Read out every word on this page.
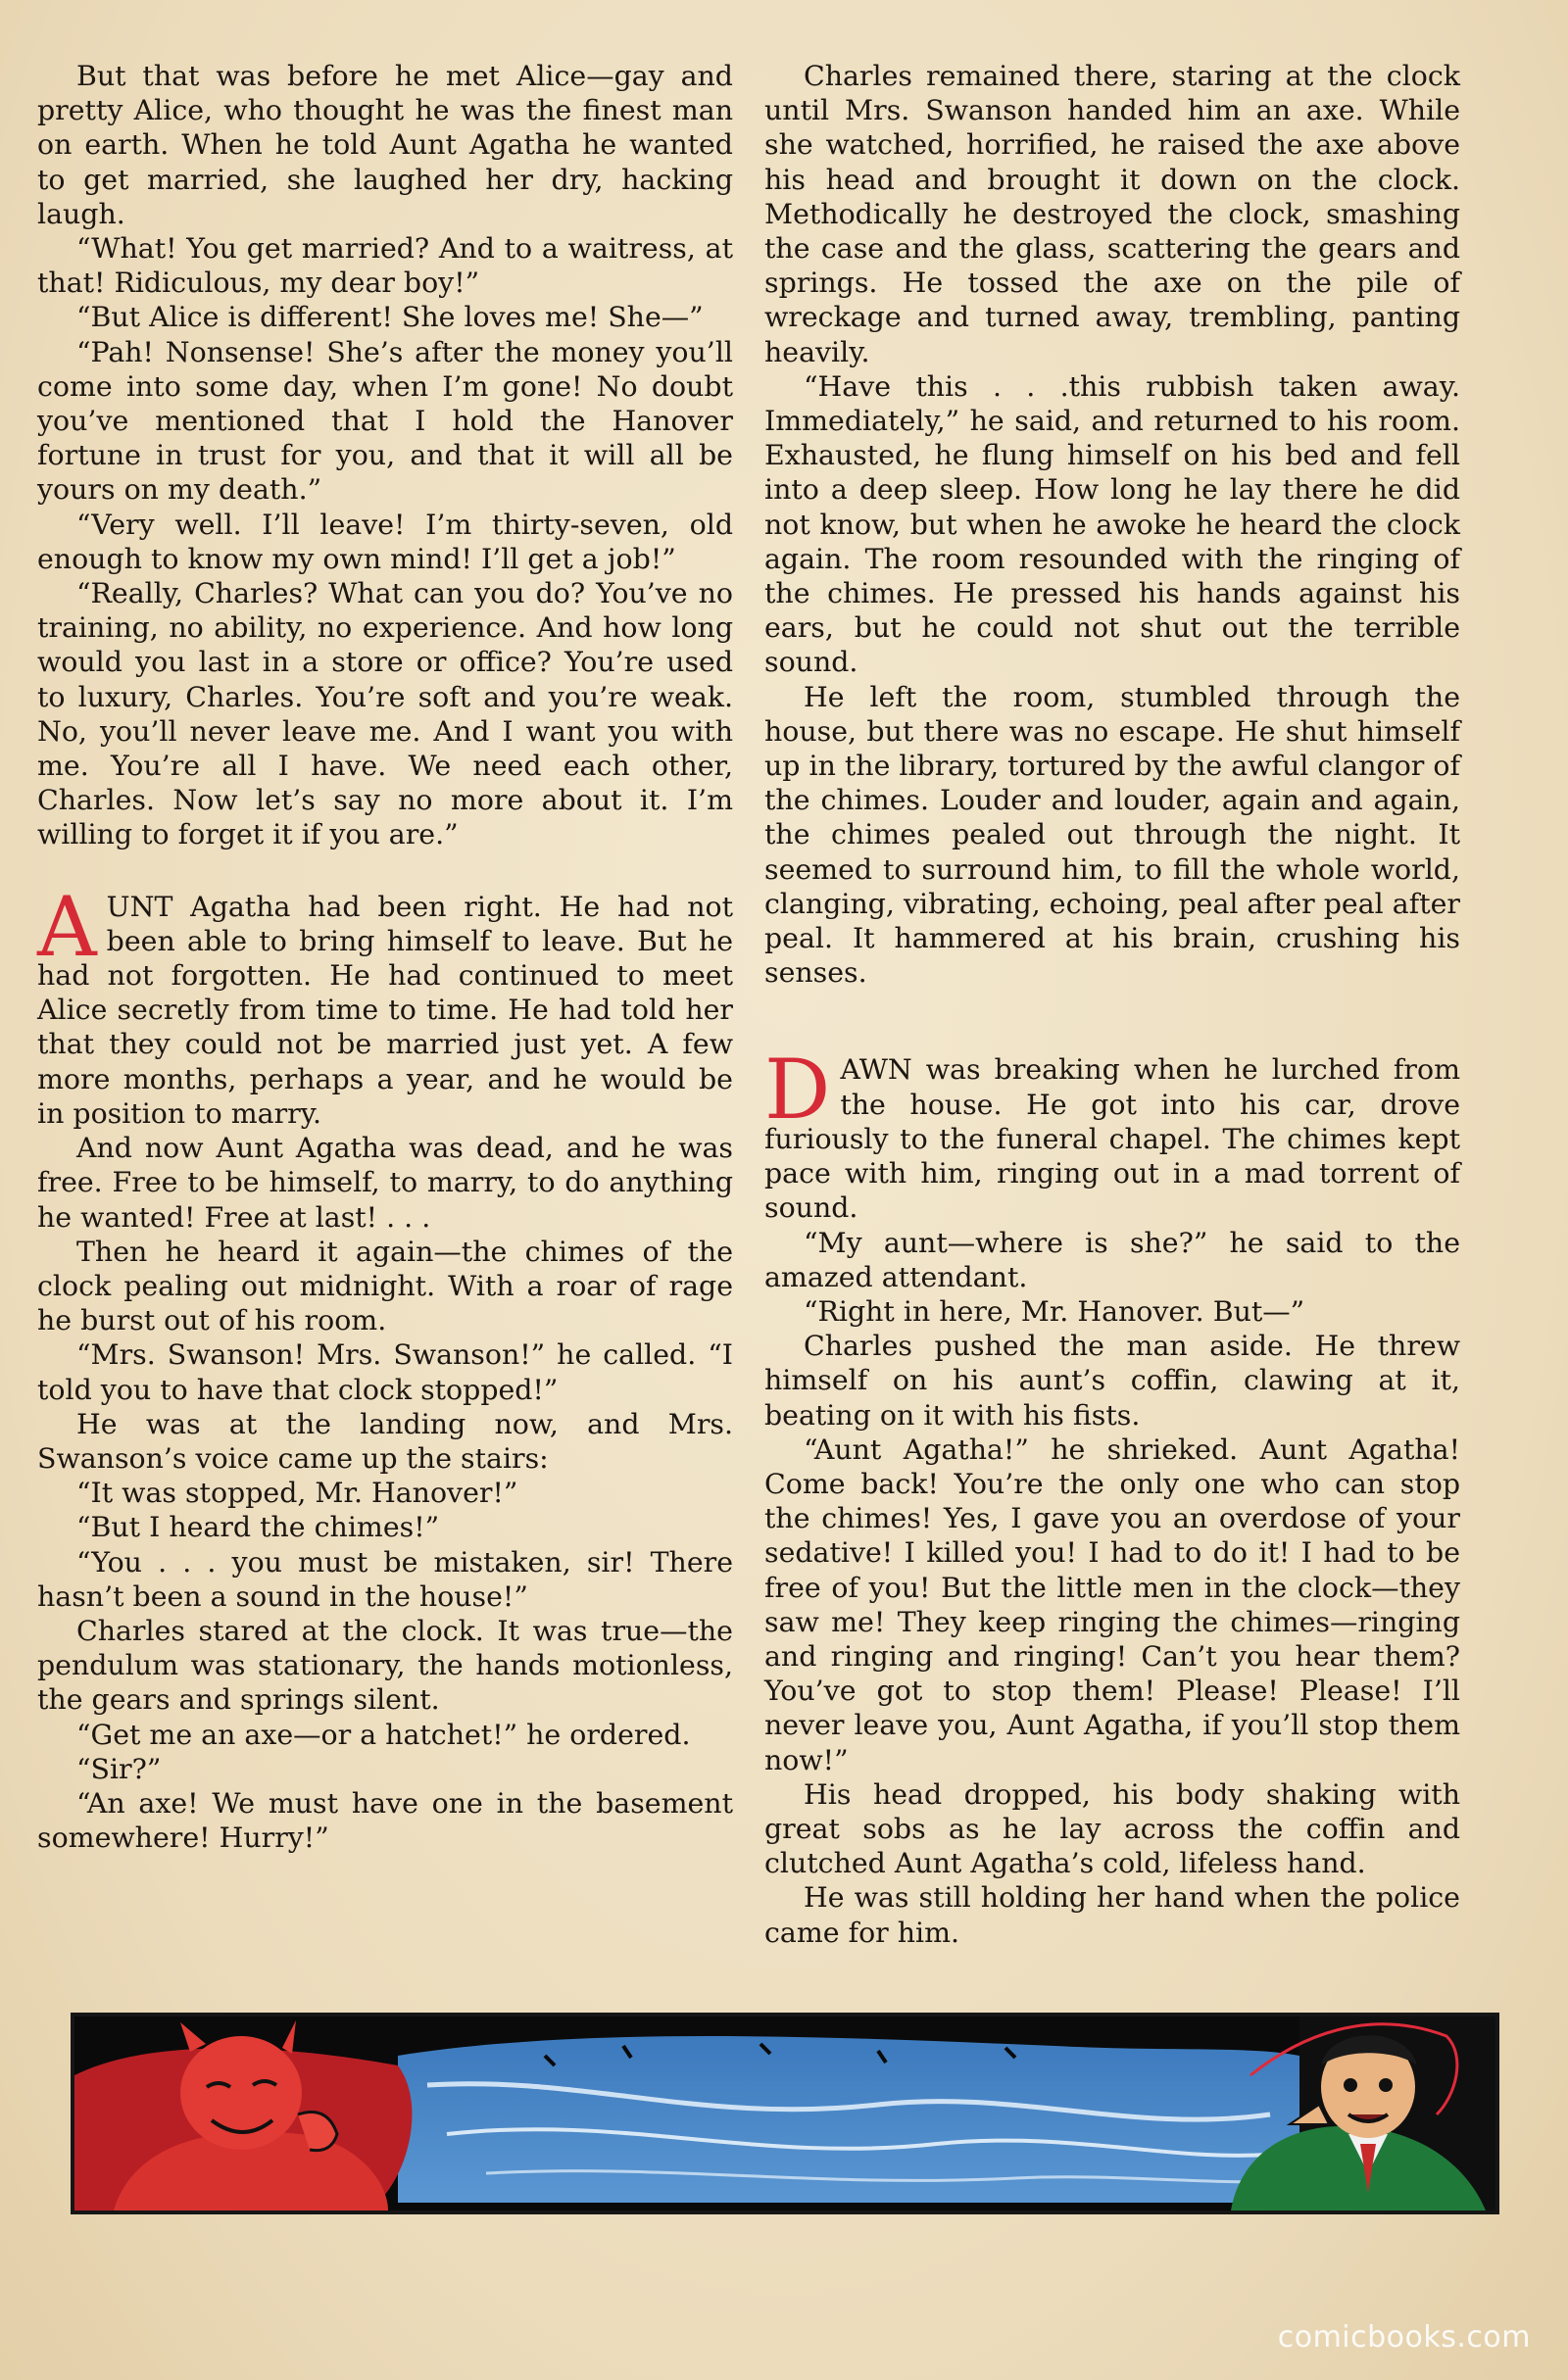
But that was before he met Alice—gay and pretty Alice, who thought he was the finest man on earth. When he told Aunt Agatha he wanted to get married, she laughed her dry, hacking laugh.

“What! You get married? And to a waitress, at that! Ridiculous, my dear boy!”

“But Alice is different! She loves me! She—”

“Pah! Nonsense! She’s after the money you’ll come into some day, when I’m gone! No doubt you’ve mentioned that I hold the Hanover fortune in trust for you, and that it will all be yours on my death.”

“Very well. I’ll leave! I’m thirty-seven, old enough to know my own mind! I’ll get a job!”

“Really, Charles? What can you do? You’ve no training, no ability, no experience. And how long would you last in a store or office? You’re used to luxury, Charles. You’re soft and you’re weak. No, you’ll never leave me. And I want you with me. You’re all I have. We need each other, Charles. Now let’s say no more about it. I’m willing to forget it if you are.”

AUNT Agatha had been right. He had not been able to bring himself to leave. But he had not forgotten. He had continued to meet Alice secretly from time to time. He had told her that they could not be married just yet. A few more months, perhaps a year, and he would be in position to marry.

And now Aunt Agatha was dead, and he was free. Free to be himself, to marry, to do anything he wanted! Free at last! . . .

Then he heard it again—the chimes of the clock pealing out midnight. With a roar of rage he burst out of his room.

“Mrs. Swanson! Mrs. Swanson!” he called. “I told you to have that clock stopped!”

He was at the landing now, and Mrs. Swanson’s voice came up the stairs:

“It was stopped, Mr. Hanover!”

“But I heard the chimes!”

“You . . . you must be mistaken, sir! There hasn’t been a sound in the house!”

Charles stared at the clock. It was true—the pendulum was stationary, the hands motionless, the gears and springs silent.

“Get me an axe—or a hatchet!” he ordered.

“Sir?”

“An axe! We must have one in the basement somewhere! Hurry!”

Charles remained there, staring at the clock until Mrs. Swanson handed him an axe. While she watched, horrified, he raised the axe above his head and brought it down on the clock. Methodically he destroyed the clock, smashing the case and the glass, scattering the gears and springs. He tossed the axe on the pile of wreckage and turned away, trembling, panting heavily.

“Have this . . .this rubbish taken away. Immediately,” he said, and returned to his room. Exhausted, he flung himself on his bed and fell into a deep sleep. How long he lay there he did not know, but when he awoke he heard the clock again. The room resounded with the ringing of the chimes. He pressed his hands against his ears, but he could not shut out the terrible sound.

He left the room, stumbled through the house, but there was no escape. He shut himself up in the library, tortured by the awful clangor of the chimes. Louder and louder, again and again, the chimes pealed out through the night. It seemed to surround him, to fill the whole world, clanging, vibrating, echoing, peal after peal after peal. It hammered at his brain, crushing his senses.

DAWN was breaking when he lurched from the house. He got into his car, drove furiously to the funeral chapel. The chimes kept pace with him, ringing out in a mad torrent of sound.

“My aunt—where is she?” he said to the amazed attendant.

“Right in here, Mr. Hanover. But—”

Charles pushed the man aside. He threw himself on his aunt’s coffin, clawing at it, beating on it with his fists.

“Aunt Agatha!” he shrieked. Aunt Agatha! Come back! You’re the only one who can stop the chimes! Yes, I gave you an overdose of your sedative! I killed you! I had to do it! I had to be free of you! But the little men in the clock—they saw me! They keep ringing the chimes—ringing and ringing and ringing! Can’t you hear them? You’ve got to stop them! Please! Please! I’ll never leave you, Aunt Agatha, if you’ll stop them now!”

His head dropped, his body shaking with great sobs as he lay across the coffin and clutched Aunt Agatha’s cold, lifeless hand.

He was still holding her hand when the police came for him.

comicbooks.com
